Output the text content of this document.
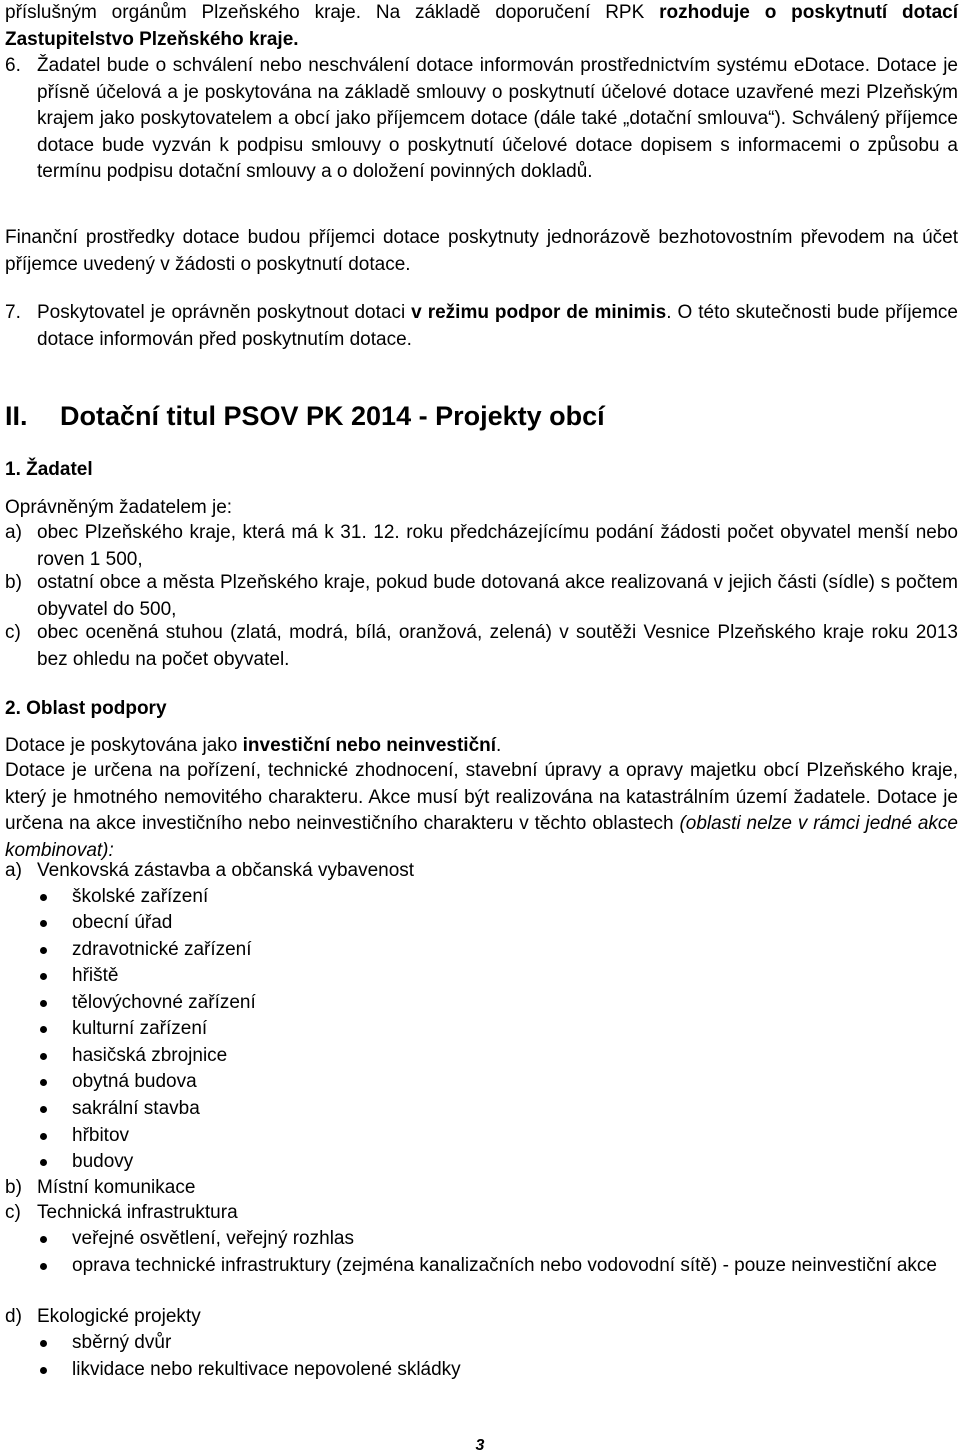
příslušným orgánům Plzeňského kraje. Na základě doporučení RPK rozhoduje o poskytnutí dotací Zastupitelstvo Plzeňského kraje.

6. Žadatel bude o schválení nebo neschválení dotace informován prostřednictvím systému eDotace. Dotace je přísně účelová a je poskytována na základě smlouvy o poskytnutí účelové dotace uzavřené mezi Plzeňským krajem jako poskytovatelem a obcí jako příjemcem dotace (dále také „dotační smlouva“). Schválený příjemce dotace bude vyzván k podpisu smlouvy o poskytnutí účelové dotace dopisem s informacemi o způsobu a termínu podpisu dotační smlouvy a o doložení povinných dokladů.

Finanční prostředky dotace budou příjemci dotace poskytnuty jednorázově bezhotovostním převodem na účet příjemce uvedený v žádosti o poskytnutí dotace.

7. Poskytovatel je oprávněn poskytnout dotaci v režimu podpor de minimis. O této skutečnosti bude příjemce dotace informován před poskytnutím dotace.

II. Dotační titul PSOV PK 2014 - Projekty obcí

1. Žadatel

Oprávněným žadatelem je:

a) obec Plzeňského kraje, která má k 31. 12. roku předcházejícímu podání žádosti počet obyvatel menší nebo roven 1 500,

b) ostatní obce a města Plzeňského kraje, pokud bude dotovaná akce realizovaná v jejich části (sídle) s počtem obyvatel do 500,

c) obec oceněná stuhou (zlatá, modrá, bílá, oranžová, zelená) v soutěži Vesnice Plzeňského kraje roku 2013 bez ohledu na počet obyvatel.

2. Oblast podpory

Dotace je poskytována jako investiční nebo neinvestiční.

Dotace je určena na pořízení, technické zhodnocení, stavební úpravy a opravy majetku obcí Plzeňského kraje, který je hmotného nemovitého charakteru. Akce musí být realizována na katastrálním území žadatele. Dotace je určena na akce investičního nebo neinvestičního charakteru v těchto oblastech (oblasti nelze v rámci jedné akce kombinovat):

a) Venkovská zástavba a občanská vybavenost

školské zařízení

obecní úřad

zdravotnické zařízení

hřiště

tělovýchovné zařízení

kulturní zařízení

hasičská zbrojnice

obytná budova

sakrální stavba

hřbitov

budovy

b) Místní komunikace

c) Technická infrastruktura

veřejné osvětlení, veřejný rozhlas

oprava technické infrastruktury (zejména kanalizačních nebo vodovodní sítě) - pouze neinvestiční akce

d) Ekologické projekty

sběrný dvůr

likvidace nebo rekultivace nepovolené skládky

3
